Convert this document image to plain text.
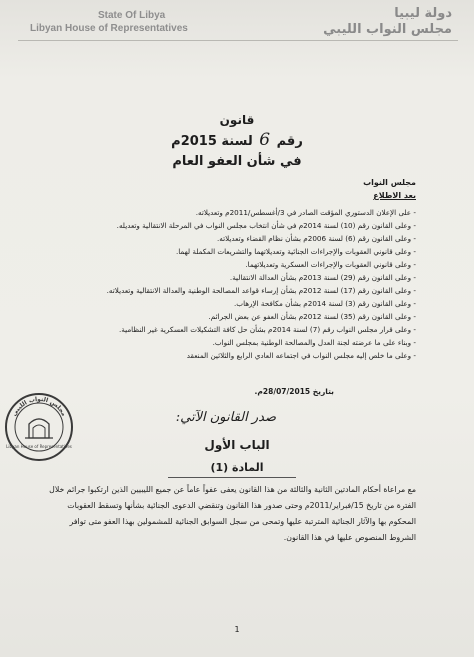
State Of Libya
Libyan House of Representatives
دولة ليبيا
مجلس النواب الليبي
قانون
رقم 6 لسنة 2015م
في شأن العفو العام
مجلس النواب
بعد الاطلاع
- على الإعلان الدستوري المؤقت الصادر في 3/أغسطس/2011م وتعديلاته.
- وعلى القانون رقم (10) لسنة 2014م في شأن انتخاب مجلس النواب في المرحلة الانتقالية وتعديله.
- وعلى القانون رقم (6) لسنة 2006م بشأن نظام القضاء وتعديلاته.
- وعلى قانوني العقوبات والإجراءات الجنائية وتعديلاتهما والتشريعات المكملة لهما.
- وعلى قانوني العقوبات والإجراءات العسكرية وتعديلاتهما.
- وعلى القانون رقم (29) لسنة 2013م بشأن العدالة الانتقالية.
- وعلى القانون رقم (17) لسنة 2012م بشأن إرساء قواعد المصالحة الوطنية والعدالة الانتقالية وتعديلاته.
- وعلى القانون رقم (3) لسنة 2014م بشأن مكافحة الإرهاب.
- وعلى القانون رقم (35) لسنة 2012م بشأن العفو عن بعض الجرائم.
- وعلى قرار مجلس النواب رقم (7) لسنة 2014م بشأن حل كافة التشكيلات العسكرية غير النظامية.
- وبناء على ما عرضته لجنة العدل والمصالحة الوطنية بمجلس النواب.
- وعلى ما خلص إليه مجلس النواب في اجتماعه العادي الرابع والثلاثين المنعقد
بتاريخ 28/07/2015م.
صدر القانون الآتي:
الباب الأول
المادة (1)

مع مراعاة أحكام المادتين الثانية والثالثة من هذا القانون يعفى عفواً عاماً عن جميع الليبيين الذين ارتكبوا جرائم خلال الفترة من تاريخ 15/فبراير/2011م وحتى صدور هذا القانون وتنقضي الدعوى الجنائية بشأنها وتسقط العقوبات المحكوم بها والآثار الجنائية المترتبة عليها وتمحى من سجل السوابق الجنائية للمشمولين بهذا العفو متى توافر الشروط المنصوص عليها في هذا القانون.

مجلس النواب الليبي
Libyan House of Representatives
1
